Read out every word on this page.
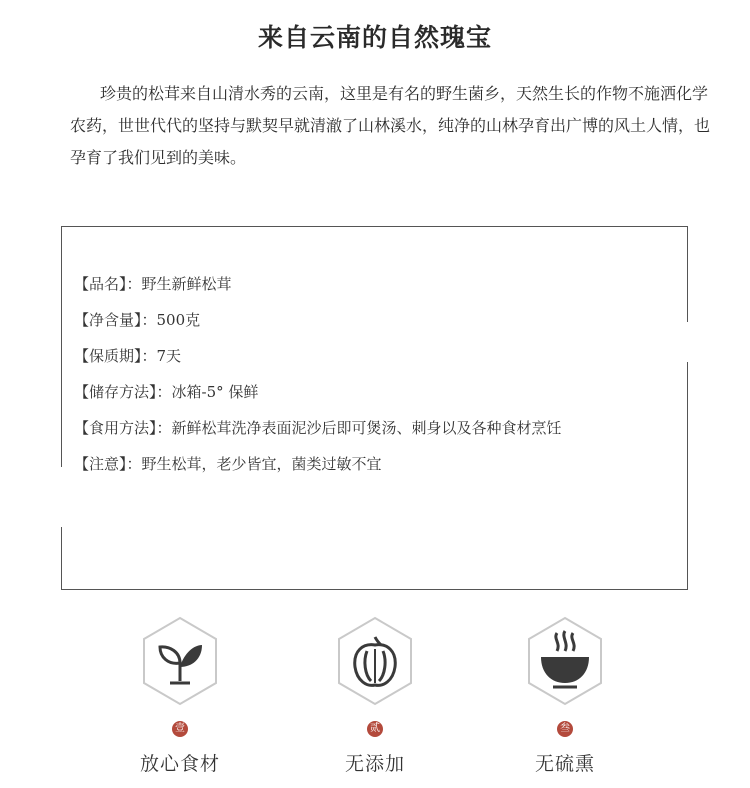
来自云南的自然瑰宝
珍贵的松茸来自山清水秀的云南，这里是有名的野生菌乡，天然生长的作物不施洒化学农药，世世代代的坚持与默契早就清澈了山林溪水，纯净的山林孕育出广博的风土人情，也孕育了我们见到的美味。
【品名】：野生新鲜松茸
【净含量】：500克
【保质期】：7天
【储存方法】：冰箱-5° 保鲜
【食用方法】：新鲜松茸洗净表面泥沙后即可煲汤、刺身以及各种食材烹饪
【注意】：野生松茸，老少皆宜，菌类过敏不宜
壹
放心食材
贰
无添加
叁
无硫熏
